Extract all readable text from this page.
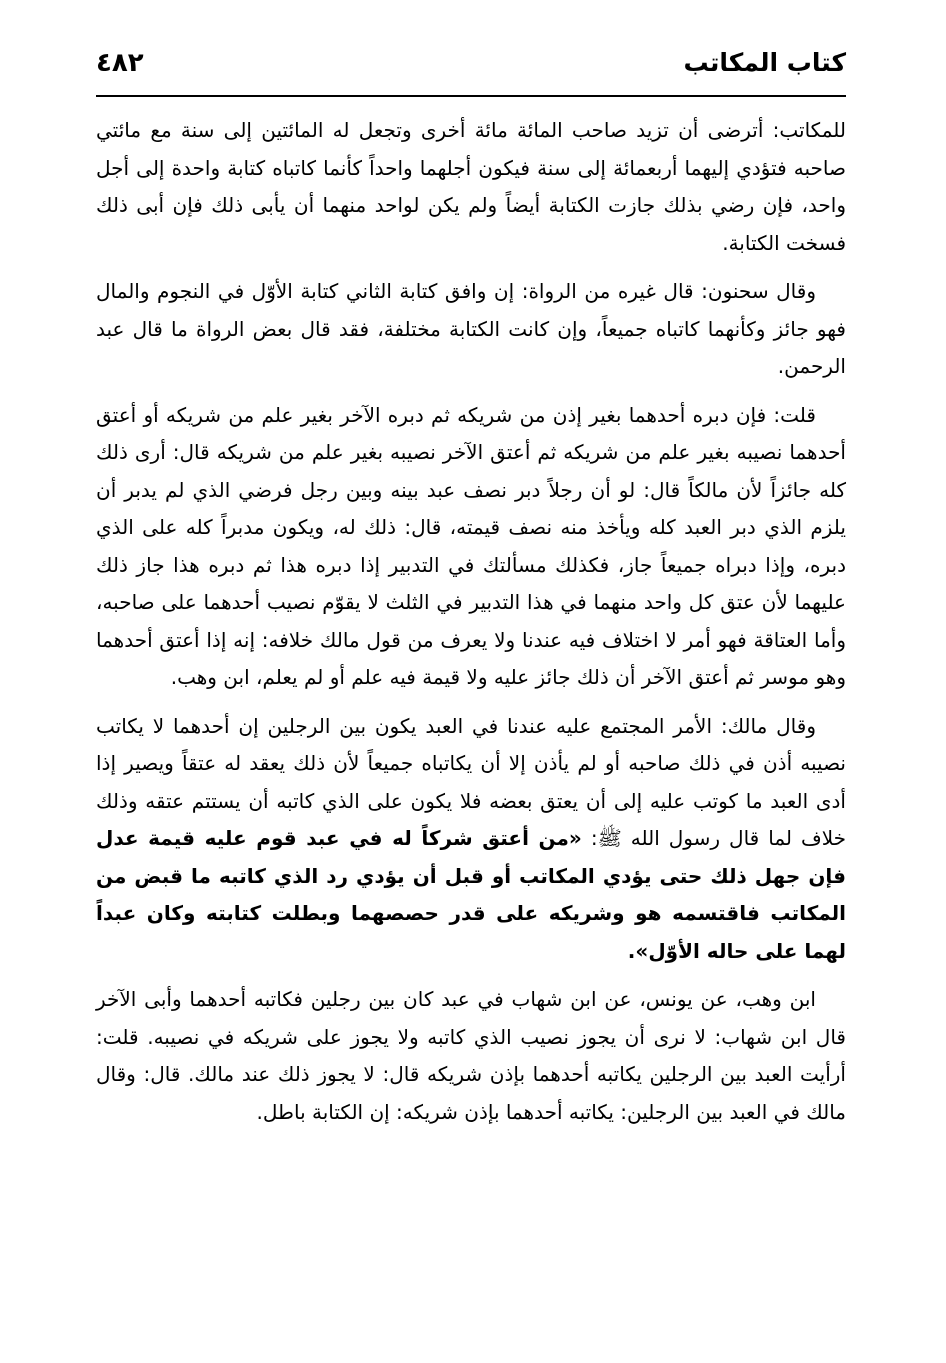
كتاب المكاتب
٤٨٢

للمكاتب: أترضى أن تزيد صاحب المائة مائة أخرى وتجعل له المائتين إلى سنة مع مائتي صاحبه فتؤدي إليهما أربعمائة إلى سنة فيكون أجلهما واحداً كأنما كاتباه كتابة واحدة إلى أجل واحد، فإن رضي بذلك جازت الكتابة أيضاً ولم يكن لواحد منهما أن يأبى ذلك فإن أبى ذلك فسخت الكتابة.

وقال سحنون: قال غيره من الرواة: إن وافق كتابة الثاني كتابة الأوّل في النجوم والمال فهو جائز وكأنهما كاتباه جميعاً، وإن كانت الكتابة مختلفة، فقد قال بعض الرواة ما قال عبد الرحمن.

قلت: فإن دبره أحدهما بغير إذن من شريكه ثم دبره الآخر بغير علم من شريكه أو أعتق أحدهما نصيبه بغير علم من شريكه ثم أعتق الآخر نصيبه بغير علم من شريكه قال: أرى ذلك كله جائزاً لأن مالكاً قال: لو أن رجلاً دبر نصف عبد بينه وبين رجل فرضي الذي لم يدبر أن يلزم الذي دبر العبد كله ويأخذ منه نصف قيمته، قال: ذلك له، ويكون مدبراً كله على الذي دبره، وإذا دبراه جميعاً جاز، فكذلك مسألتك في التدبير إذا دبره هذا ثم دبره هذا جاز ذلك عليهما لأن عتق كل واحد منهما في هذا التدبير في الثلث لا يقوّم نصيب أحدهما على صاحبه، وأما العتاقة فهو أمر لا اختلاف فيه عندنا ولا يعرف من قول مالك خلافه: إنه إذا أعتق أحدهما وهو موسر ثم أعتق الآخر أن ذلك جائز عليه ولا قيمة فيه علم أو لم يعلم، ابن وهب.

وقال مالك: الأمر المجتمع عليه عندنا في العبد يكون بين الرجلين إن أحدهما لا يكاتب نصيبه أذن في ذلك صاحبه أو لم يأذن إلا أن يكاتباه جميعاً لأن ذلك يعقد له عتقاً ويصير إذا أدى العبد ما كوتب عليه إلى أن يعتق بعضه فلا يكون على الذي كاتبه أن يستتم عتقه وذلك خلاف لما قال رسول الله ﷺ: «من أعتق شركاً له في عبد قوم عليه قيمة عدل فإن جهل ذلك حتى يؤدي المكاتب أو قبل أن يؤدي رد الذي كاتبه ما قبض من المكاتب فاقتسمه هو وشريكه على قدر حصصهما وبطلت كتابته وكان عبداً لهما على حاله الأوّل».

ابن وهب، عن يونس، عن ابن شهاب في عبد كان بين رجلين فكاتبه أحدهما وأبى الآخر قال ابن شهاب: لا نرى أن يجوز نصيب الذي كاتبه ولا يجوز على شريكه في نصيبه. قلت: أرأيت العبد بين الرجلين يكاتبه أحدهما بإذن شريكه قال: لا يجوز ذلك عند مالك. قال: وقال مالك في العبد بين الرجلين: يكاتبه أحدهما بإذن شريكه: إن الكتابة باطل.
